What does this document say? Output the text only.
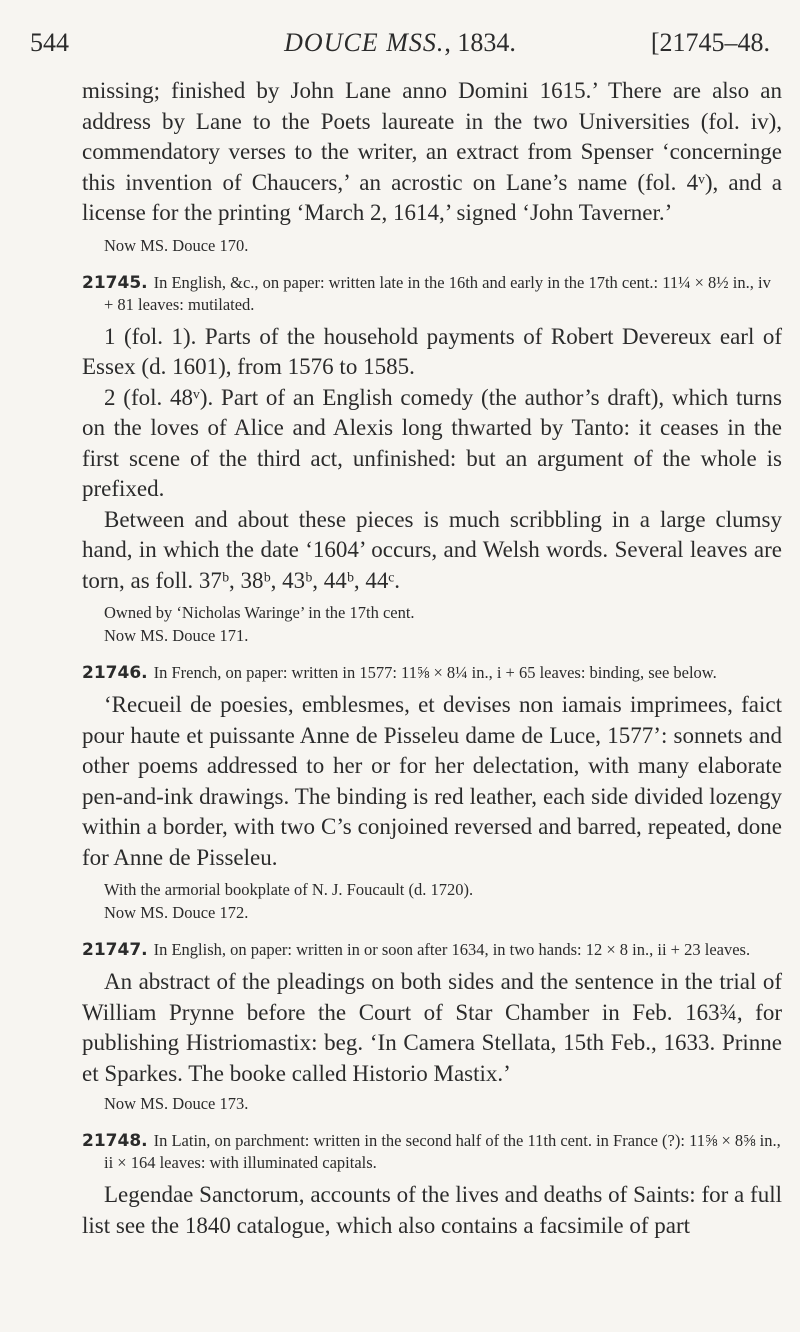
544	DOUCE MSS., 1834.	[21745–48.

missing; finished by John Lane anno Domini 1615.’ There are also an address by Lane to the Poets laureate in the two Universities (fol. iv), commendatory verses to the writer, an extract from Spenser ‘concerninge this invention of Chaucers,’ an acrostic on Lane’s name (fol. 4ᵛ), and a license for the printing ‘March 2, 1614,’ signed ‘John Taverner.’

Now MS. Douce 170.

21745. In English, &c., on paper: written late in the 16th and early in the 17th cent.: 11¼ × 8½ in., iv + 81 leaves: mutilated.

1 (fol. 1). Parts of the household payments of Robert Devereux earl of Essex (d. 1601), from 1576 to 1585.

2 (fol. 48ᵛ). Part of an English comedy (the author’s draft), which turns on the loves of Alice and Alexis long thwarted by Tanto: it ceases in the first scene of the third act, unfinished: but an argument of the whole is prefixed.

Between and about these pieces is much scribbling in a large clumsy hand, in which the date ‘1604’ occurs, and Welsh words. Several leaves are torn, as foll. 37ᵇ, 38ᵇ, 43ᵇ, 44ᵇ, 44ᶜ.

Owned by ‘Nicholas Waringe’ in the 17th cent.

Now MS. Douce 171.

21746. In French, on paper: written in 1577: 11⅝ × 8¼ in., i + 65 leaves: binding, see below.

‘Recueil de poesies, emblesmes, et devises non iamais imprimees, faict pour haute et puissante Anne de Pisseleu dame de Luce, 1577’: sonnets and other poems addressed to her or for her delectation, with many elaborate pen-and-ink drawings. The binding is red leather, each side divided lozengy within a border, with two C’s conjoined reversed and barred, repeated, done for Anne de Pisseleu.

With the armorial bookplate of N. J. Foucault (d. 1720).

Now MS. Douce 172.

21747. In English, on paper: written in or soon after 1634, in two hands: 12 × 8 in., ii + 23 leaves.

An abstract of the pleadings on both sides and the sentence in the trial of William Prynne before the Court of Star Chamber in Feb. 163¾, for publishing Histriomastix: beg. ‘In Camera Stellata, 15th Feb., 1633. Prinne et Sparkes. The booke called Historio Mastix.’

Now MS. Douce 173.

21748. In Latin, on parchment: written in the second half of the 11th cent. in France (?): 11⅝ × 8⅝ in., ii × 164 leaves: with illuminated capitals.

Legendae Sanctorum, accounts of the lives and deaths of Saints: for a full list see the 1840 catalogue, which also contains a facsimile of part
